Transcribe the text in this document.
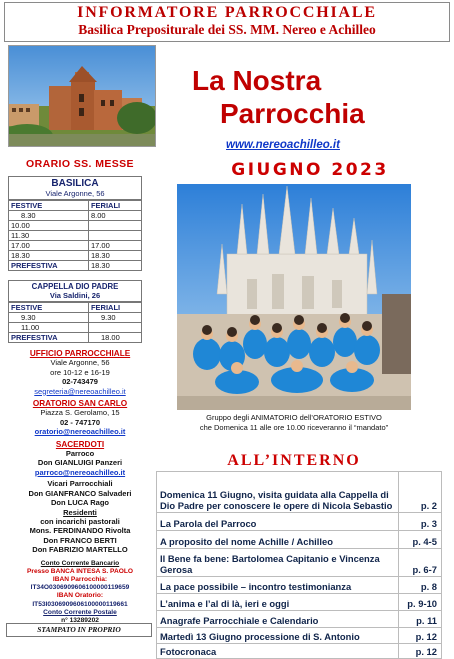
INFORMATORE PARROCCHIALE
Basilica Prepositurale dei SS. MM. Nereo e Achilleo
La Nostra
Parrocchia
www.nereoachilleo.it
GIUGNO 2023
Gruppo degli ANIMATORIO dell’ORATORIO ESTIVO
che Domenica 11 alle ore 10.00 riceveranno il “mandato”
ALL’INTERNO
Domenica 11 Giugno, visita guidata alla Cappella di Dio Padre per conoscere le opere di Nicola Sebastio	p. 2
La Parola del Parroco	p. 3
A proposito del nome Achille / Achilleo	p. 4-5
Il Bene fa bene: Bartolomea Capitanio e Vincenza Gerosa	p. 6-7
La pace possibile – incontro testimonianza	p. 8
L’anima e l’al di là, ieri e oggi	p. 9-10
Anagrafe Parrocchiale e Calendario	p. 11
Martedì 13 Giugno processione di S. Antonio	p. 12
Fotocronaca	p. 12
ORARIO SS. MESSE
BASILICA
Viale Argonne, 56
FESTIVE	FERIALI
8.30	8.00
10.00	
11.30	
17.00	17.00
18.30	18.30
PREFESTIVA	18.30
CAPPELLA DIO PADRE
Via Saldini, 26
FESTIVE	FERIALI
9.30	9.30
11.00	
PREFESTIVA	18.00
UFFICIO PARROCCHIALE
Viale Argonne, 56
ore 10-12 e 16-19
02-743479
segreteria@nereoachilleo.it
ORATORIO SAN CARLO
Piazza S. Gerolamo, 15
02 - 747170
oratorio@nereoachilleo.it
SACERDOTI
Parroco
Don GIANLUIGI Panzeri
parroco@nereoachilleo.it
Vicari Parrocchiali
Don GIANFRANCO Salvaderi
Don LUCA Rago
Residenti
con incarichi pastorali
Mons. FERDINANDO Rivolta
Don FRANCO BERTI
Don FABRIZIO MARTELLO
Conto Corrente Bancario
Presso BANCA INTESA S. PAOLO
IBAN Parrocchia:
IT34O0306909606100000119659
IBAN Oratorio:
IT53I0306909606100000119661
Conto Corrente Postale
n° 13289202
STAMPATO IN PROPRIO
